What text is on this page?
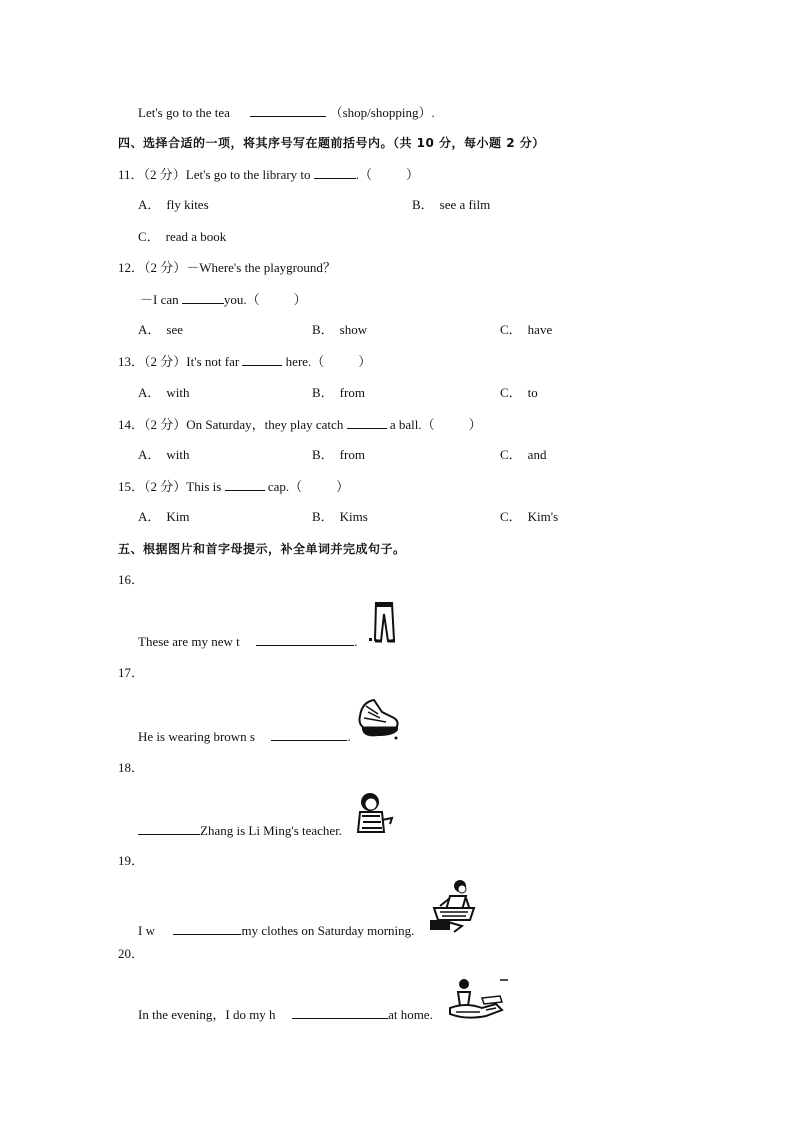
Let's go to the tea	（shop/shopping）.
四、选择合适的一项，将其序号写在题前括号内。（共 10 分，每小题 2 分）
11．（2 分）Let's go to the library to	.（	）
A． fly kites	B． see a film
C． read a book
12．（2 分）－Where's the playground？
－I can	you.（	）
A． see	B． show	C． have
13．（2 分）It's not far	here.（	）
A． with	B． from	C． to
14．（2 分）On Saturday，they play catch	a ball.（	）
A． with	B． from	C． and
15．（2 分）This is	cap.（	）
A． Kim	B． Kims	C． Kim's
五、根据图片和首字母提示，补全单词并完成句子。
16．
These are my new t	.
17．
He is wearing brown s	.
18．
Zhang is Li Ming's teacher.
19．
I w	my clothes on Saturday morning.
20．
In the evening，I do my h	at home.
